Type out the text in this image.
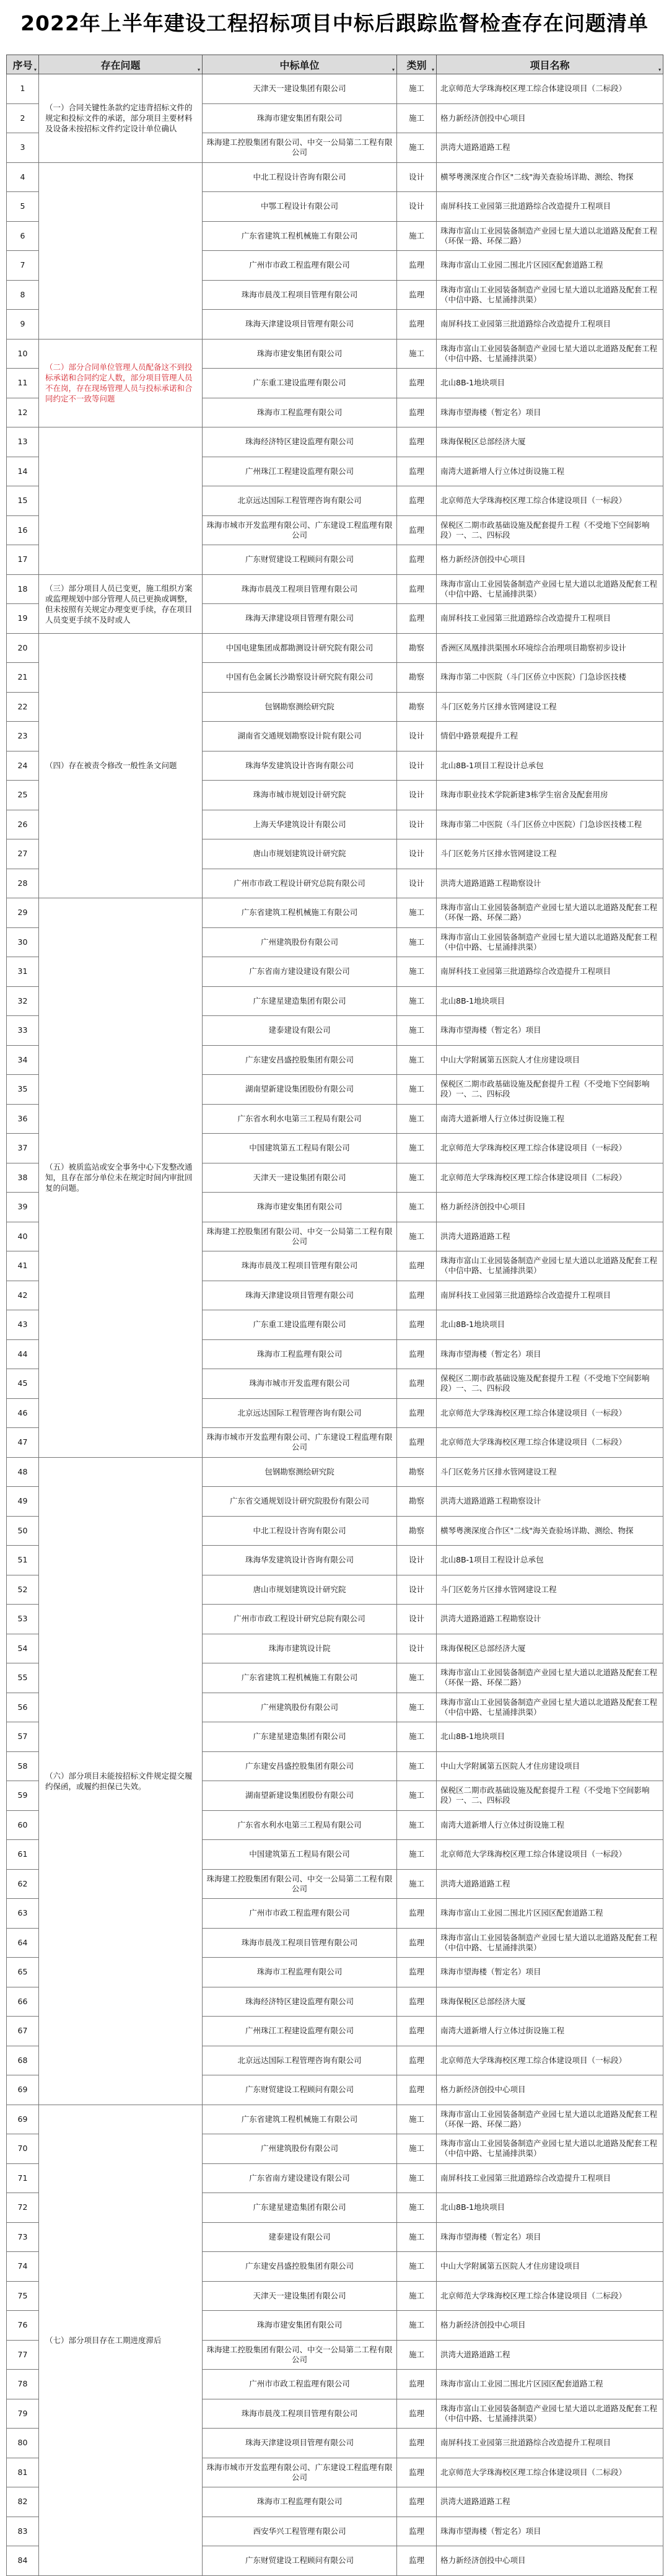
2022年上半年建设工程招标项目中标后跟踪监督检查存在问题清单
序号 ▾	存在问题 ▾	中标单位 ▾	类别 ▾	项目名称 ▾

1	（一）合同关键性条款约定违背招标文件的规定和投标文件的承诺，部分项目主要材料及设备未按招标文件约定设计单位确认	天津天一建设集团有限公司	施工	北京师范大学珠海校区理工综合体建设项目（二标段）
2		珠海市建安集团有限公司	施工	格力新经济创投中心项目
3		珠海建工控股集团有限公司、中交一公局第二工程有限公司	施工	洪湾大道路道路工程
4		中北工程设计咨询有限公司	设计	横琴粤澳深度合作区"二线"海关查验场详勘、测绘、物探
5		中鄂工程设计有限公司	设计	南屏科技工业园第三批道路综合改造提升工程项目
6		广东省建筑工程机械施工有限公司	施工	珠海市富山工业园装备制造产业园七星大道以北道路及配套工程（环保一路、环保二路）
7		广州市市政工程监理有限公司	监理	珠海市富山工业园二围北片区园区配套道路工程
8		珠海市晨茂工程项目管理有限公司	监理	珠海市富山工业园装备制造产业园七星大道以北道路及配套工程（中信中路、七星涌排洪渠）
9		珠海天津建设项目管理有限公司	监理	南屏科技工业园第三批道路综合改造提升工程项目
10	（二）部分合同单位管理人员配备这不到投标承诺和合同约定人数，部分项目管理人员不在岗，存在现场管理人员与投标承诺和合同约定不一致等问题	珠海市建安集团有限公司	施工	珠海市富山工业园装备制造产业园七星大道以北道路及配套工程（中信中路、七星涌排洪渠）
11		广东重工建设监理有限公司	监理	北山8B-1地块项目
12		珠海市工程监理有限公司	监理	珠海市望海楼（暂定名）项目
13		珠海经济特区建设监理有限公司	监理	珠海保税区总部经济大厦
14		广州珠江工程建设监理有限公司	监理	南湾大道新增人行立体过街设施工程
15		北京远达国际工程管理咨询有限公司	监理	北京师范大学珠海校区理工综合体建设项目（一标段）
16		珠海市城市开发监理有限公司、广东建设工程监理有限公司	监理	保税区二期市政基础设施及配套提升工程（不受地下空间影响段）一、二、四标段
17		广东财贸建设工程顾问有限公司	监理	格力新经济创投中心项目
18	（三）部分项目人员已变更，施工组织方案或监理规划中部分管理人员已更换或调整，但未按照有关规定办理变更手续，存在项目人员变更手续不及时或人	珠海市晨茂工程项目管理有限公司	监理	珠海市富山工业园装备制造产业园七星大道以北道路及配套工程（中信中路、七星涌排洪渠）
19		珠海天津建设项目管理有限公司	监理	南屏科技工业园第三批道路综合改造提升工程项目
20	（四）存在被责令修改一般性条文问题	中国电建集团成都勘测设计研究院有限公司	勘察	香洲区凤凰排洪渠围水环境综合治理项目勘察初步设计
21		中国有色金属长沙勘察设计研究院有限公司	勘察	珠海市第二中医院（斗门区侨立中医院）门急诊医技楼
22		包钢勘察测绘研究院	勘察	斗门区乾务片区排水管网建设工程
23		湖南省交通规划勘察设计院有限公司	设计	情侣中路景观提升工程
24		珠海华发建筑设计咨询有限公司	设计	北山8B-1项目工程设计总承包
25		珠海市城市规划设计研究院	设计	珠海市职业技术学院新建3栋学生宿舍及配套用房
26		上海天华建筑设计有限公司	设计	珠海市第二中医院（斗门区侨立中医院）门急诊医技楼工程
27		唐山市规划建筑设计研究院	设计	斗门区乾务片区排水管网建设工程
28		广州市市政工程设计研究总院有限公司	设计	洪湾大道路道路工程勘察设计
29	（五）被质监站或安全事务中心下发整改通知，且存在部分单位未在规定时间内审批回复的问题。	广东省建筑工程机械施工有限公司	施工	珠海市富山工业园装备制造产业园七星大道以北道路及配套工程（环保一路、环保二路）
30		广州建筑股份有限公司	施工	珠海市富山工业园装备制造产业园七星大道以北道路及配套工程（中信中路、七星涌排洪渠）
31		广东省南方建设建设有限公司	施工	南屏科技工业园第三批道路综合改造提升工程项目
32		广东建星建造集团有限公司	施工	北山8B-1地块项目
33		建泰建设有限公司	施工	珠海市望海楼（暂定名）项目
34		广东建安昌盛控股集团有限公司	施工	中山大学附属第五医院人才住房建设项目
35		湖南望新建设集团股份有限公司	施工	保税区二期市政基础设施及配套提升工程（不受地下空间影响段）一、二、四标段
36		广东省水利水电第三工程局有限公司	施工	南湾大道新增人行立体过街设施工程
37		中国建筑第五工程局有限公司	施工	北京师范大学珠海校区理工综合体建设项目（一标段）
38		天津天一建设集团有限公司	施工	北京师范大学珠海校区理工综合体建设项目（二标段）
39		珠海市建安集团有限公司	施工	格力新经济创投中心项目
40		珠海建工控股集团有限公司、中交一公局第二工程有限公司	施工	洪湾大道路道路工程
41		珠海市晨茂工程项目管理有限公司	监理	珠海市富山工业园装备制造产业园七星大道以北道路及配套工程（中信中路、七星涌排洪渠）
42		珠海天津建设项目管理有限公司	监理	南屏科技工业园第三批道路综合改造提升工程项目
43		广东重工建设监理有限公司	监理	北山8B-1地块项目
44		珠海市工程监理有限公司	监理	珠海市望海楼（暂定名）项目
45		珠海市城市开发监理有限公司	监理	保税区二期市政基础设施及配套提升工程（不受地下空间影响段）一、二、四标段
46		北京远达国际工程管理咨询有限公司	监理	北京师范大学珠海校区理工综合体建设项目（一标段）
47		珠海市城市开发监理有限公司、广东建设工程监理有限公司	监理	北京师范大学珠海校区理工综合体建设项目（二标段）
48	（六）部分项目未能按招标文件规定提交履约保函，或履约担保已失效。	包钢勘察测绘研究院	勘察	斗门区乾务片区排水管网建设工程
49		广东省交通规划设计研究院股份有限公司	勘察	洪湾大道路道路工程勘察设计
50		中北工程设计咨询有限公司	勘察	横琴粤澳深度合作区"二线"海关查验场详勘、测绘、物探
51		珠海华发建筑设计咨询有限公司	设计	北山8B-1项目工程设计总承包
52		唐山市规划建筑设计研究院	设计	斗门区乾务片区排水管网建设工程
53		广州市市政工程设计研究总院有限公司	设计	洪湾大道路道路工程勘察设计
54		珠海市建筑设计院	设计	珠海保税区总部经济大厦
55		广东省建筑工程机械施工有限公司	施工	珠海市富山工业园装备制造产业园七星大道以北道路及配套工程（环保一路、环保二路）
56		广州建筑股份有限公司	施工	珠海市富山工业园装备制造产业园七星大道以北道路及配套工程（中信中路、七星涌排洪渠）
57		广东建星建造集团有限公司	施工	北山8B-1地块项目
58		广东建安昌盛控股集团有限公司	施工	中山大学附属第五医院人才住房建设项目
59		湖南望新建设集团股份有限公司	施工	保税区二期市政基础设施及配套提升工程（不受地下空间影响段）一、二、四标段
60		广东省水利水电第三工程局有限公司	施工	南湾大道新增人行立体过街设施工程
61		中国建筑第五工程局有限公司	施工	北京师范大学珠海校区理工综合体建设项目（一标段）
62		珠海建工控股集团有限公司、中交一公局第二工程有限公司	施工	洪湾大道路道路工程
63		广州市市政工程监理有限公司	监理	珠海市富山工业园二围北片区园区配套道路工程
64		珠海市晨茂工程项目管理有限公司	监理	珠海市富山工业园装备制造产业园七星大道以北道路及配套工程（中信中路、七星涌排洪渠）
65		珠海市工程监理有限公司	监理	珠海市望海楼（暂定名）项目
66		珠海经济特区建设监理有限公司	监理	珠海保税区总部经济大厦
67		广州珠江工程建设监理有限公司	监理	南湾大道新增人行立体过街设施工程
68		北京远达国际工程管理咨询有限公司	监理	北京师范大学珠海校区理工综合体建设项目（一标段）
69		广东财贸建设工程顾问有限公司	监理	格力新经济创投中心项目
69	（七）部分项目存在工期进度滞后	广东省建筑工程机械施工有限公司	施工	珠海市富山工业园装备制造产业园七星大道以北道路及配套工程（环保一路、环保二路）
70		广州建筑股份有限公司	施工	珠海市富山工业园装备制造产业园七星大道以北道路及配套工程（中信中路、七星涌排洪渠）
71		广东省南方建设建设有限公司	施工	南屏科技工业园第三批道路综合改造提升工程项目
72		广东建星建造集团有限公司	施工	北山8B-1地块项目
73		建泰建设有限公司	施工	珠海市望海楼（暂定名）项目
74		广东建安昌盛控股集团有限公司	施工	中山大学附属第五医院人才住房建设项目
75		天津天一建设集团有限公司	施工	北京师范大学珠海校区理工综合体建设项目（二标段）
76		珠海市建安集团有限公司	施工	格力新经济创投中心项目
77		珠海建工控股集团有限公司、中交一公局第二工程有限公司	施工	洪湾大道路道路工程
78		广州市市政工程监理有限公司	监理	珠海市富山工业园二围北片区园区配套道路工程
79		珠海市晨茂工程项目管理有限公司	监理	珠海市富山工业园装备制造产业园七星大道以北道路及配套工程（中信中路、七星涌排洪渠）
80		珠海天津建设项目管理有限公司	监理	南屏科技工业园第三批道路综合改造提升工程项目
81		珠海市城市开发监理有限公司、广东建设工程监理有限公司	监理	北京师范大学珠海校区理工综合体建设项目（二标段）
82		珠海市工程监理有限公司	监理	洪湾大道路道路工程
83		西安华兴工程管理有限公司	监理	珠海市望海楼（暂定名）项目
84		广东财贸建设工程顾问有限公司	监理	格力新经济创投中心项目
